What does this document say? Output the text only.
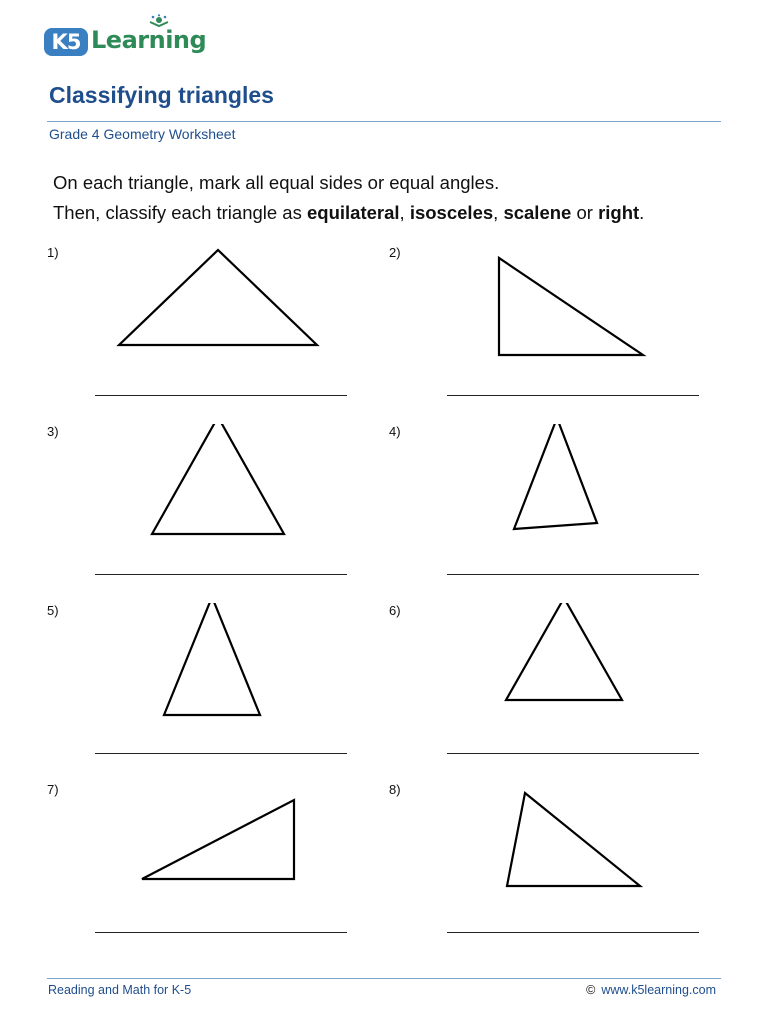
K5 Learning
Classifying triangles
Grade 4 Geometry Worksheet
On each triangle, mark all equal sides or equal angles.
Then, classify each triangle as equilateral, isosceles, scalene or right.
1)	2)
3)	4)
5)	6)
7)	8)
Reading and Math for K-5	© www.k5learning.com
